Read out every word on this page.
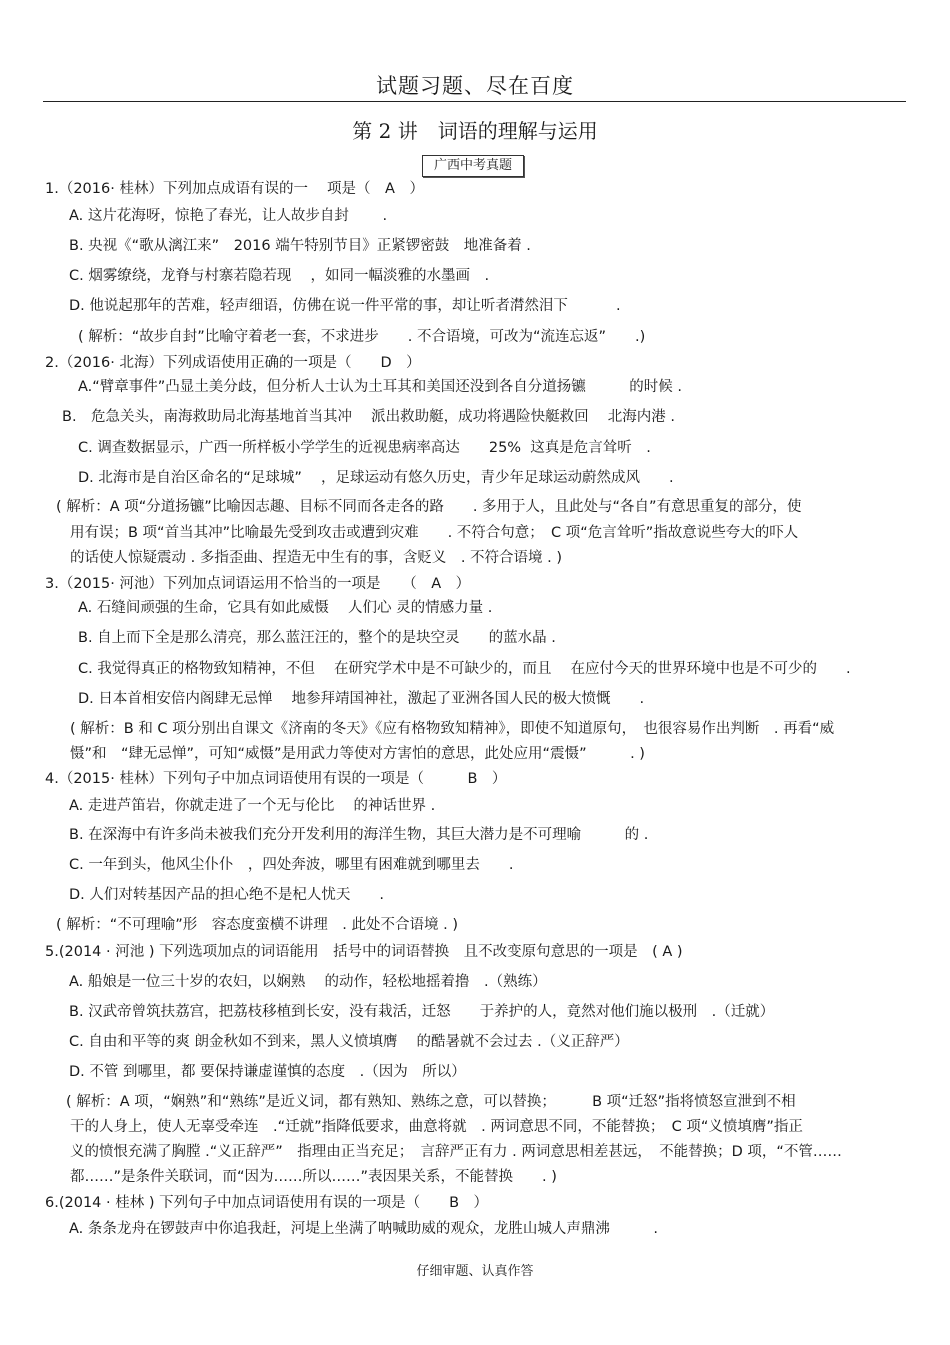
试题习题、尽在百度
第 2 讲　词语的理解与运用
广西中考真题
1.（2016· 桂林）下列加点成语有误的一　 项是（　A　）
A. 这片花海呀，惊艳了春光，让人故步自封　　 .
B. 央视《“歌从漓江来”　2016 端午特别节目》正紧锣密鼓　地准备着 .
C. 烟雾缭绕，龙脊与村寨若隐若现　 ，如同一幅淡雅的水墨画　.
D. 他说起那年的苦难，轻声细语，仿佛在说一件平常的事，却让听者潸然泪下　　　 .
( 解析：“故步自封”比喻守着老一套，不求进步　　. 不合语境，可改为“流连忘返”　　.)
2.（2016· 北海）下列成语使用正确的一项是（　　D　）
A.“臂章事件”凸显土美分歧，但分析人士认为土耳其和美国还没到各自分道扬镳　　　的时候 .
B.　危急关头，南海救助局北海基地首当其冲　 派出救助艇，成功将遇险快艇救回　 北海内港 .
C. 调查数据显示，广西一所样板小学学生的近视患病率高达　　25%  这真是危言耸听　.
D. 北海市是自治区命名的“足球城”　 ，足球运动有悠久历史，青少年足球运动蔚然成风　　.
( 解析：A 项“分道扬镳”比喻因志趣、目标不同而各走各的路　　. 多用于人，且此处与“各自”有意思重复的部分，使
用有误；B 项“首当其冲”比喻最先受到攻击或遭到灾难　　. 不符合句意；　C 项“危言耸听”指故意说些夸大的吓人
的话使人惊疑震动 . 多指歪曲、捏造无中生有的事，含贬义　. 不符合语境 . )
3.（2015· 河池）下列加点词语运用不恰当的一项是　　（　A　）
A. 石缝间顽强的生命，它具有如此威慑　 人们心 灵的情感力量 .
B. 自上而下全是那么清亮，那么蓝汪汪的，整个的是块空灵　　的蓝水晶 .
C. 我觉得真正的格物致知精神，不但　 在研究学术中是不可缺少的，而且　 在应付今天的世界环境中也是不可少的　　.
D. 日本首相安倍内阁肆无忌惮　 地参拜靖国神社，激起了亚洲各国人民的极大愤慨　　.
( 解析：B 和 C 项分别出自课文《济南的冬天》《应有格物致知精神》，即使不知道原句，　也很容易作出判断　. 再看“威
慑”和　“肆无忌惮”，可知“威慑”是用武力等使对方害怕的意思，此处应用“震慑”　　　. )
4.（2015· 桂林）下列句子中加点词语使用有误的一项是（　　　B　）
A. 走进芦笛岩，你就走进了一个无与伦比　 的神话世界 .
B. 在深海中有许多尚未被我们充分开发利用的海洋生物，其巨大潜力是不可理喻　　　的 .
C. 一年到头，他风尘仆仆　，四处奔波，哪里有困难就到哪里去　　.
D. 人们对转基因产品的担心绝不是杞人忧天　　.
( 解析：“不可理喻”形　容态度蛮横不讲理　. 此处不合语境 . )
5.(2014 · 河池 ) 下列选项加点的词语能用　括号中的词语替换　且不改变原句意思的一项是　( A )
A. 船娘是一位三十岁的农妇，以娴熟　 的动作，轻松地摇着撸　.（熟练）
B. 汉武帝曾筑扶荔宫，把荔枝移植到长安，没有栽活，迁怒　　于养护的人，竟然对他们施以极刑　.（迁就）
C. 自由和平等的爽 朗金秋如不到来，黑人义愤填膺　 的酷暑就不会过去 .（义正辞严）
D. 不管 到哪里，都 要保持谦虚谨慎的态度　.（因为　所以）
( 解析：A 项，“娴熟”和“熟练”是近义词，都有熟知、熟练之意，可以替换；　　　B 项“迁怒”指将愤怒宣泄到不相
干的人身上，使人无辜受牵连　.“迁就”指降低要求，曲意将就　. 两词意思不同，不能替换；　C 项“义愤填膺”指正
义的愤恨充满了胸膛 .“义正辞严”　指理由正当充足；　言辞严正有力 . 两词意思相差甚远，　不能替换；D 项，“不管……
都……”是条件关联词，而“因为……所以……”表因果关系，不能替换　　. )
6.(2014 · 桂林 ) 下列句子中加点词语使用有误的一项是（　　B　）
A. 条条龙舟在锣鼓声中你追我赶，河堤上坐满了呐喊助威的观众，龙胜山城人声鼎沸　　　.
仔细审题、认真作答
